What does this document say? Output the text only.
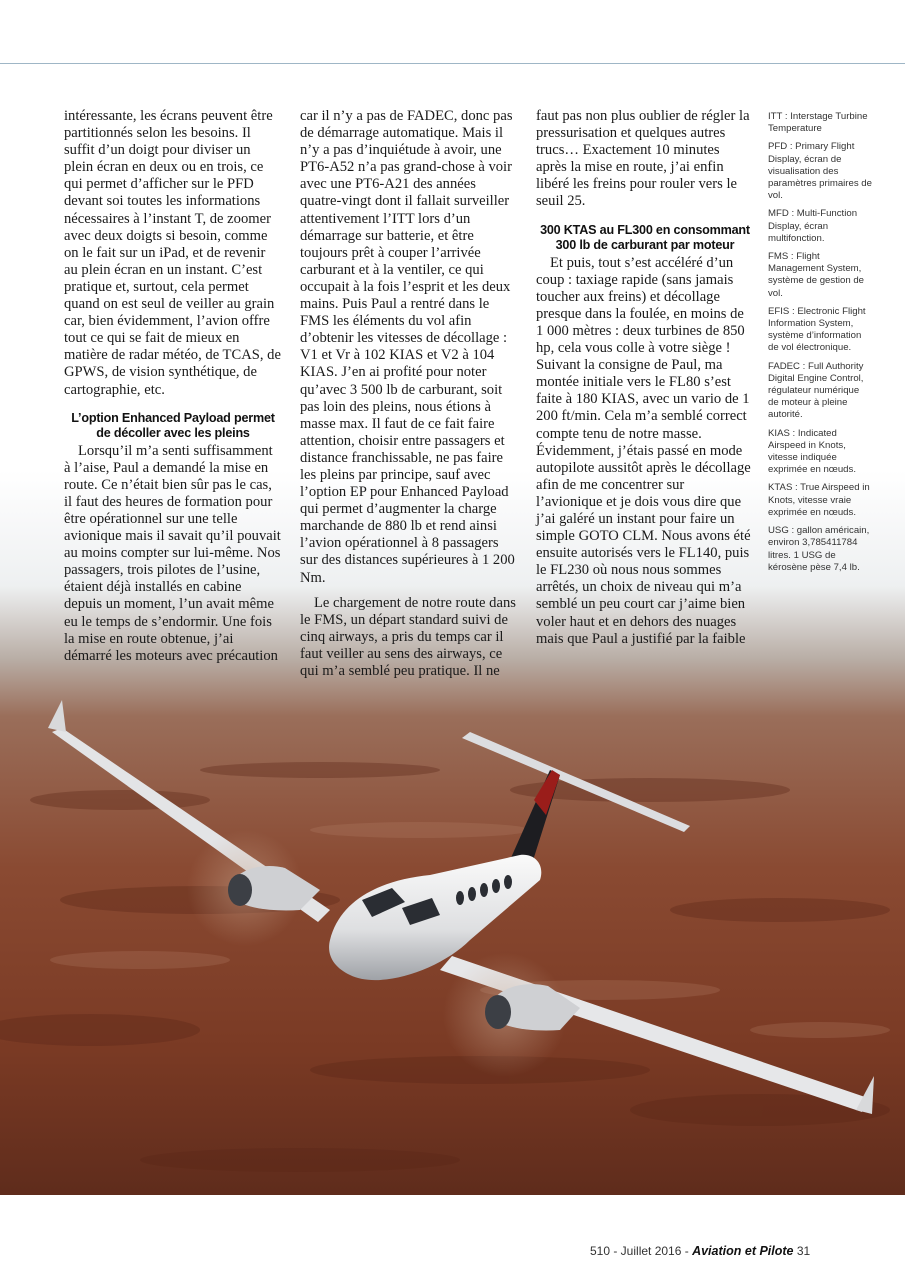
intéressante, les écrans peuvent être partitionnés selon les besoins. Il suffit d’un doigt pour diviser un plein écran en deux ou en trois, ce qui permet d’afficher sur le PFD devant soi toutes les informations nécessaires à l’instant T, de zoomer avec deux doigts si besoin, comme on le fait sur un iPad, et de revenir au plein écran en un instant. C’est pratique et, surtout, cela permet quand on est seul de veiller au grain car, bien évidemment, l’avion offre tout ce qui se fait de mieux en matière de radar météo, de TCAS, de GPWS, de vision synthétique, de cartographie, etc.

L’option Enhanced Payload permet de décoller avec les pleins

Lorsqu’il m’a senti suffisamment à l’aise, Paul a demandé la mise en route. Ce n’était bien sûr pas le cas, il faut des heures de formation pour être opérationnel sur une telle avionique mais il savait qu’il pouvait au moins compter sur lui-même. Nos passagers, trois pilotes de l’usine, étaient déjà installés en cabine depuis un moment, l’un avait même eu le temps de s’endormir. Une fois la mise en route obtenue, j’ai démarré les moteurs avec précaution

car il n’y a pas de FADEC, donc pas de démarrage automatique. Mais il n’y a pas d’inquiétude à avoir, une PT6-A52 n’a pas grand-chose à voir avec une PT6-A21 des années quatre-vingt dont il fallait surveiller attentivement l’ITT lors d’un démarrage sur batterie, et être toujours prêt à couper l’arrivée carburant et à la ventiler, ce qui occupait à la fois l’esprit et les deux mains. Puis Paul a rentré dans le FMS les éléments du vol afin d’obtenir les vitesses de décollage : V1 et Vr à 102 KIAS et V2 à 104 KIAS. J’en ai profité pour noter qu’avec 3 500 lb de carburant, soit pas loin des pleins, nous étions à masse max. Il faut de ce fait faire attention, choisir entre passagers et distance franchissable, ne pas faire les pleins par principe, sauf avec l’option EP pour Enhanced Payload qui permet d’augmenter la charge marchande de 880 lb et rend ainsi l’avion opérationnel à 8 passagers sur des distances supérieures à 1 200 Nm.

Le chargement de notre route dans le FMS, un départ standard suivi de cinq airways, a pris du temps car il faut veiller au sens des airways, ce qui m’a semblé peu pratique. Il ne

faut pas non plus oublier de régler la pressurisation et quelques autres trucs… Exactement 10 minutes après la mise en route, j’ai enfin libéré les freins pour rouler vers le seuil 25.

300 KTAS au FL300 en consommant 300 lb de carburant par moteur

Et puis, tout s’est accéléré d’un coup : taxiage rapide (sans jamais toucher aux freins) et décollage presque dans la foulée, en moins de 1 000 mètres : deux turbines de 850 hp, cela vous colle à votre siège ! Suivant la consigne de Paul, ma montée initiale vers le FL80 s’est faite à 180 KIAS, avec un vario de 1 200 ft/min. Cela m’a semblé correct compte tenu de notre masse. Évidemment, j’étais passé en mode autopilote aussitôt après le décollage afin de me concentrer sur l’avionique et je dois vous dire que j’ai galéré un instant pour faire un simple GOTO CLM. Nous avons été ensuite autorisés vers le FL140, puis le FL230 où nous nous sommes arrêtés, un choix de niveau qui m’a semblé un peu court car j’aime bien voler haut et en dehors des nuages mais que Paul a justifié par la faible

ITT : Interstage Turbine Temperature
PFD : Primary Flight Display, écran de visualisation des paramètres primaires de vol.
MFD : Multi-Function Display, écran multifonction.
FMS : Flight Management System, système de gestion de vol.
EFIS : Electronic Flight Information System, système d’information de vol électronique.
FADEC : Full Authority Digital Engine Control, régulateur numérique de moteur à pleine autorité.
KIAS : Indicated Airspeed in Knots, vitesse indiquée exprimée en nœuds.
KTAS : True Airspeed in Knots, vitesse vraie exprimée en nœuds.
USG : gallon américain, environ 3,785411784 litres. 1 USG de kérosène pèse 7,4 lb.
510 - Juillet 2016 - Aviation et Pilote 31
